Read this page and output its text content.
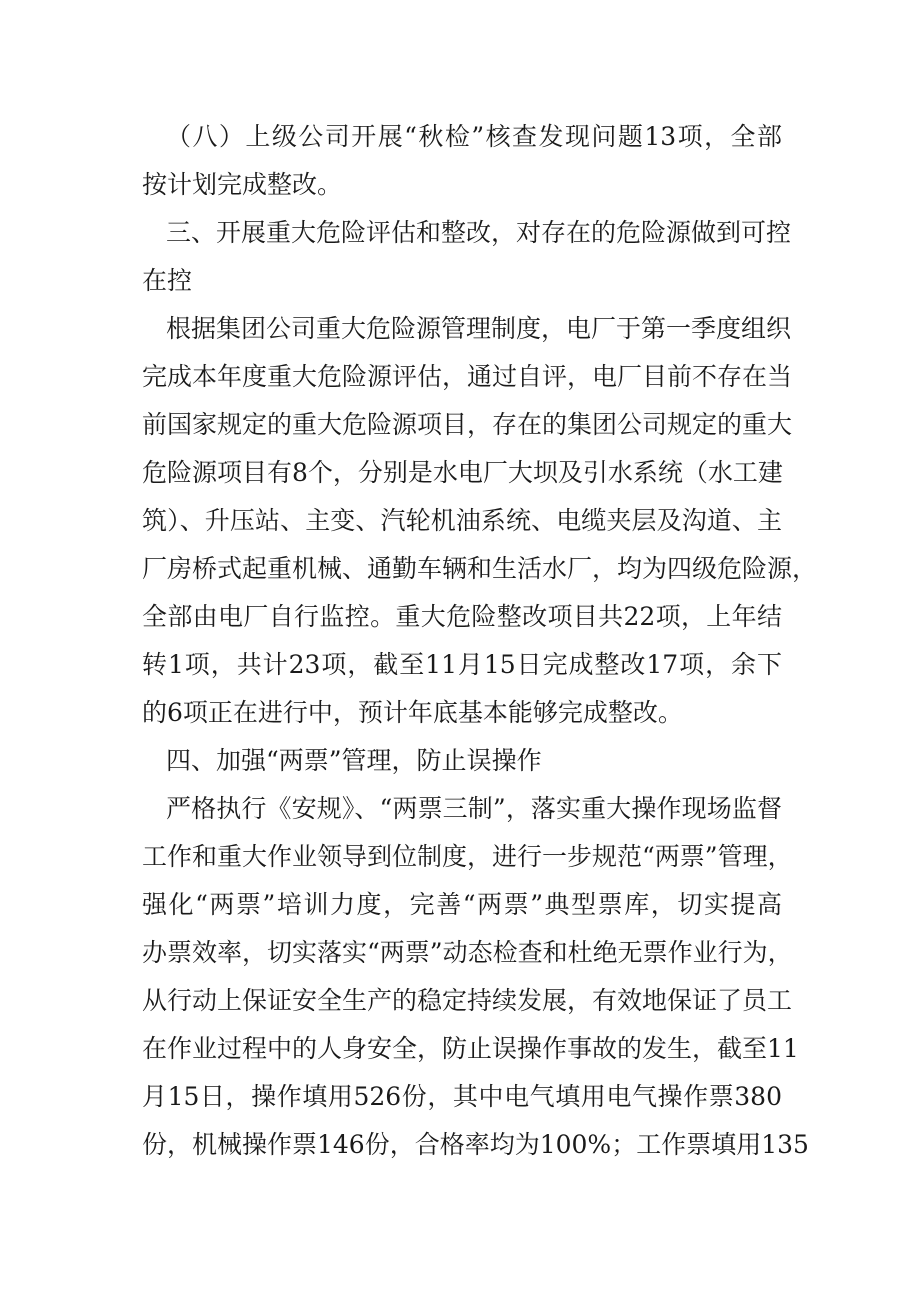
（八）上级公司开展“秋检”核查发现问题13项，全部
按计划完成整改。
三、开展重大危险评估和整改，对存在的危险源做到可控
在控
根据集团公司重大危险源管理制度，电厂于第一季度组织
完成本年度重大危险源评估，通过自评，电厂目前不存在当
前国家规定的重大危险源项目，存在的集团公司规定的重大
危险源项目有8个，分别是水电厂大坝及引水系统（水工建
筑）、升压站、主变、汽轮机油系统、电缆夹层及沟道、主
厂房桥式起重机械、通勤车辆和生活水厂，均为四级危险源，
全部由电厂自行监控。重大危险整改项目共22项，上年结
转1项，共计23项，截至11月15日完成整改17项，余下
的6项正在进行中，预计年底基本能够完成整改。
四、加强“两票”管理，防止误操作
严格执行《安规》、“两票三制”，落实重大操作现场监督
工作和重大作业领导到位制度，进行一步规范“两票”管理，
强化“两票”培训力度，完善“两票”典型票库，切实提高
办票效率，切实落实“两票”动态检查和杜绝无票作业行为，
从行动上保证安全生产的稳定持续发展，有效地保证了员工
在作业过程中的人身安全，防止误操作事故的发生，截至11
月15日，操作填用526份，其中电气填用电气操作票380
份，机械操作票146份，合格率均为100%；工作票填用135
